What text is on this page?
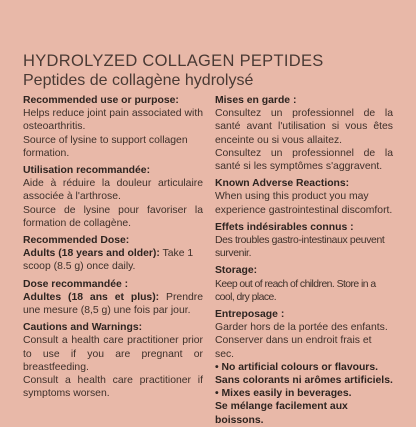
HYDROLYZED COLLAGEN PEPTIDES
Peptides de collagène hydrolysé
Recommended use or purpose:
Helps reduce joint pain associated with osteoarthritis.
Source of lysine to support collagen formation.
Utilisation recommandée:
Aide à réduire la douleur articulaire associée à l'arthrose.
Source de lysine pour favoriser la formation de collagène.
Recommended Dose:
Adults (18 years and older): Take 1 scoop (8.5 g) once daily.
Dose recommandée :
Adultes (18 ans et plus): Prendre une mesure (8,5 g) une fois par jour.
Cautions and Warnings:
Consult a health care practitioner prior to use if you are pregnant or breastfeeding.
Consult a health care practitioner if symptoms worsen.
Mises en garde :
Consultez un professionnel de la santé avant l'utilisation si vous êtes enceinte ou si vous allaitez.
Consultez un professionnel de la santé si les symptômes s'aggravent.
Known Adverse Reactions:
When using this product you may experience gastrointestinal discomfort.
Effets indésirables connus :
Des troubles gastro-intestinaux peuvent survenir.
Storage:
Keep out of reach of children. Store in a cool, dry place.
Entreposage :
Garder hors de la portée des enfants. Conserver dans un endroit frais et sec.
• No artificial colours or flavours.
Sans colorants ni arômes artificiels.
• Mixes easily in beverages.
Se mélange facilement aux boissons.
